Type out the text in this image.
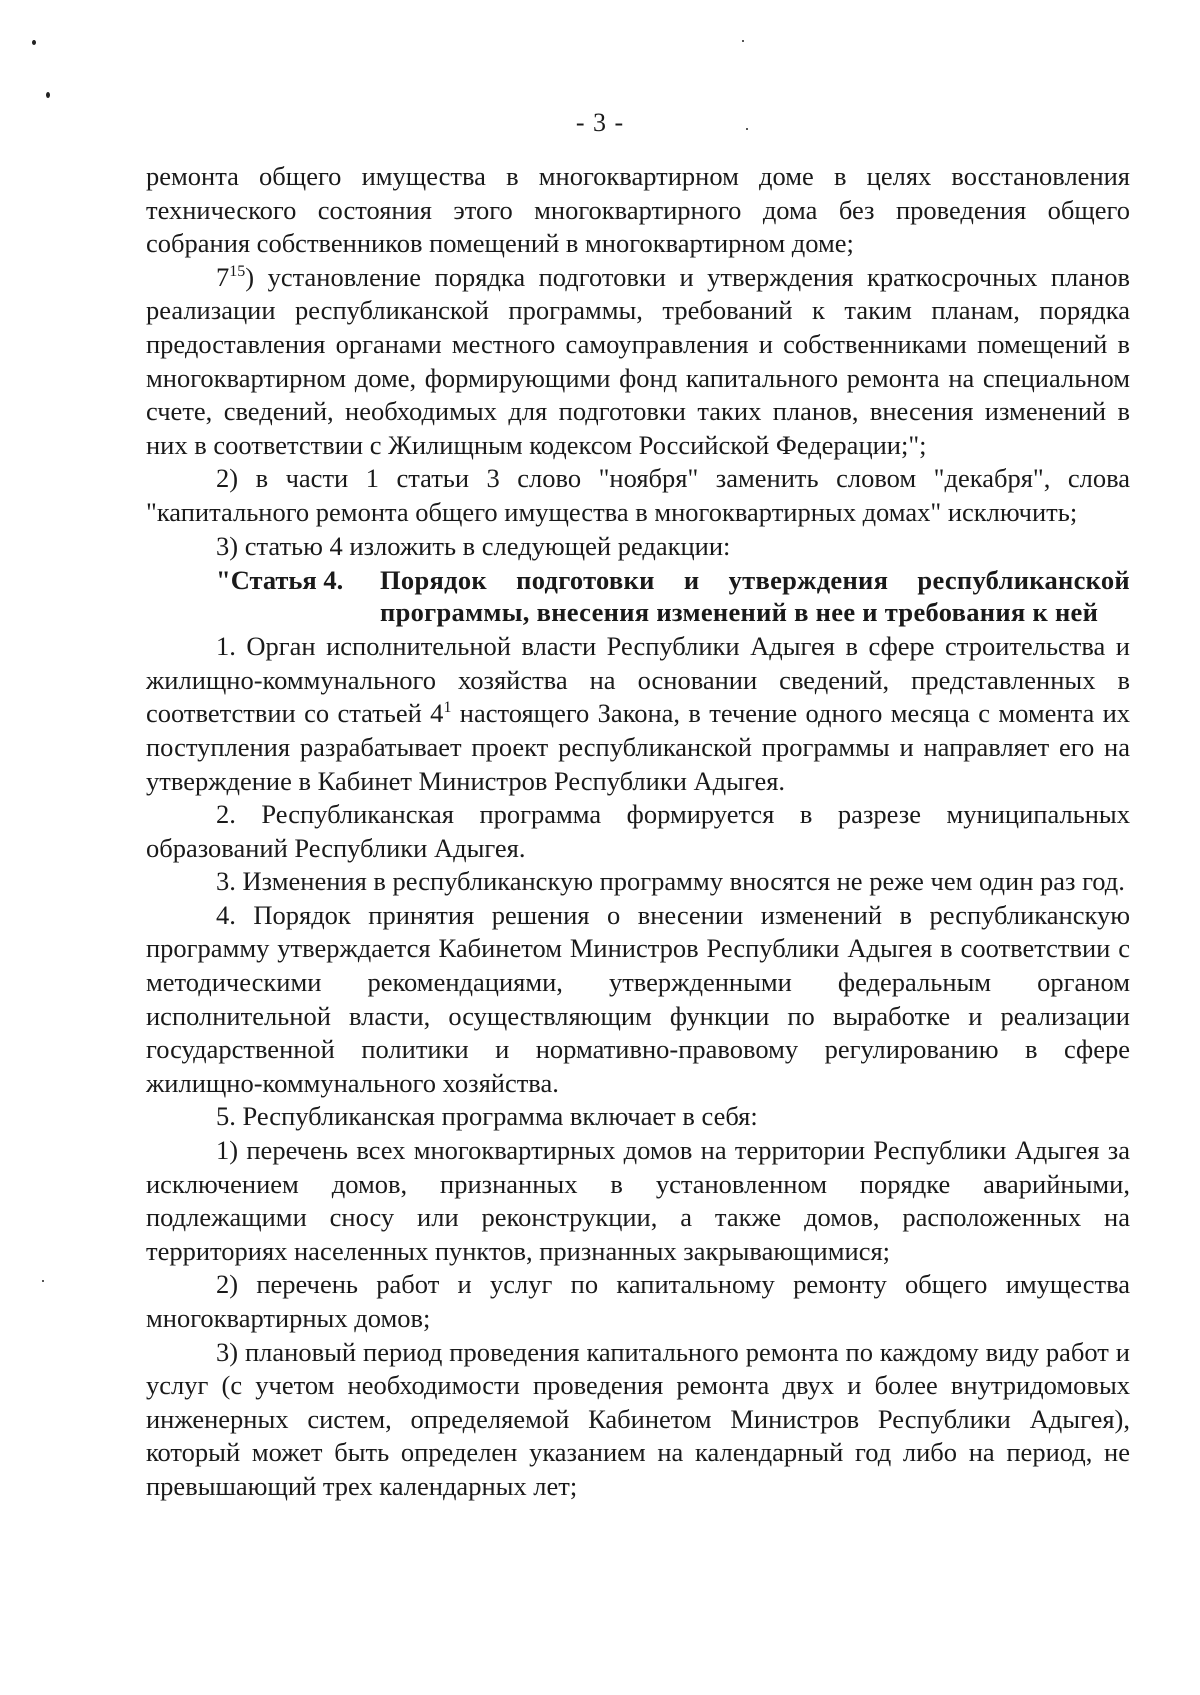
- 3 -

ремонта общего имущества в многоквартирном доме в целях восстановления технического состояния этого многоквартирного дома без проведения общего собрания собственников помещений в многоквартирном доме;

$7^{15}$) установление порядка подготовки и утверждения краткосрочных планов реализации республиканской программы, требований к таким планам, порядка предоставления органами местного самоуправления и собственниками помещений в многоквартирном доме, формирующими фонд капитального ремонта на специальном счете, сведений, необходимых для подготовки таких планов, внесения изменений в них в соответствии с Жилищным кодексом Российской Федерации;";

2) в части 1 статьи 3 слово "ноября" заменить словом "декабря", слова "капитального ремонта общего имущества в многоквартирных домах" исключить;

3) статью 4 изложить в следующей редакции:

"Статья 4.	Порядок подготовки и утверждения республиканской программы, внесения изменений в нее и требования к ней

1. Орган исполнительной власти Республики Адыгея в сфере строительства и жилищно-коммунального хозяйства на основании сведений, представленных в соответствии со статьей $4^1$ настоящего Закона, в течение одного месяца с момента их поступления разрабатывает проект республиканской программы и направляет его на утверждение в Кабинет Министров Республики Адыгея.

2. Республиканская программа формируется в разрезе муниципальных образований Республики Адыгея.

3. Изменения в республиканскую программу вносятся не реже чем один раз год.

4. Порядок принятия решения о внесении изменений в республиканскую программу утверждается Кабинетом Министров Республики Адыгея в соответствии с методическими рекомендациями, утвержденными федеральным органом исполнительной власти, осуществляющим функции по выработке и реализации государственной политики и нормативно-правовому регулированию в сфере жилищно-коммунального хозяйства.

5. Республиканская программа включает в себя:

1) перечень всех многоквартирных домов на территории Республики Адыгея за исключением домов, признанных в установленном порядке аварийными, подлежащими сносу или реконструкции, а также домов, расположенных на территориях населенных пунктов, признанных закрывающимися;

2) перечень работ и услуг по капитальному ремонту общего имущества многоквартирных домов;

3) плановый период проведения капитального ремонта по каждому виду работ и услуг (с учетом необходимости проведения ремонта двух и более внутридомовых инженерных систем, определяемой Кабинетом Министров Республики Адыгея), который может быть определен указанием на календарный год либо на период, не превышающий трех календарных лет;
